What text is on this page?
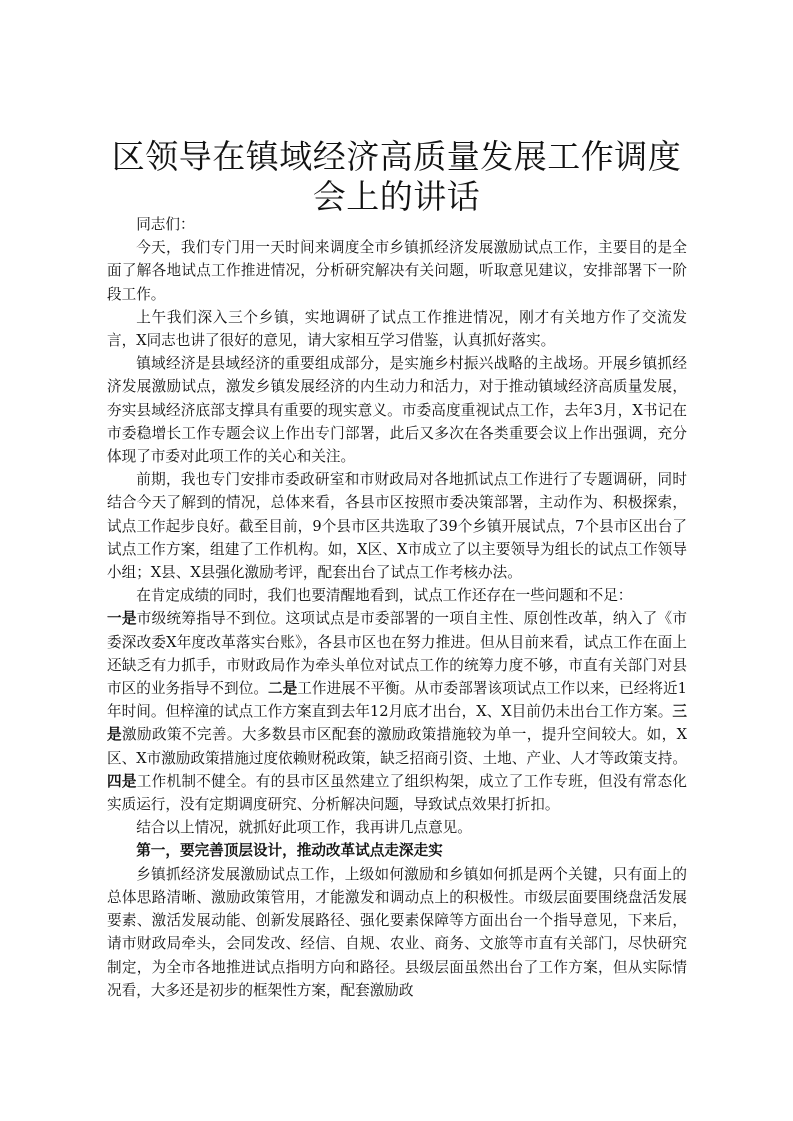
区领导在镇域经济高质量发展工作调度会上的讲话

同志们：

今天，我们专门用一天时间来调度全市乡镇抓经济发展激励试点工作，主要目的是全面了解各地试点工作推进情况，分析研究解决有关问题，听取意见建议，安排部署下一阶段工作。

上午我们深入三个乡镇，实地调研了试点工作推进情况，刚才有关地方作了交流发言，X同志也讲了很好的意见，请大家相互学习借鉴，认真抓好落实。

镇域经济是县域经济的重要组成部分，是实施乡村振兴战略的主战场。开展乡镇抓经济发展激励试点，激发乡镇发展经济的内生动力和活力，对于推动镇域经济高质量发展，夯实县域经济底部支撑具有重要的现实意义。市委高度重视试点工作，去年3月，X书记在市委稳增长工作专题会议上作出专门部署，此后又多次在各类重要会议上作出强调，充分体现了市委对此项工作的关心和关注。

前期，我也专门安排市委政研室和市财政局对各地抓试点工作进行了专题调研，同时结合今天了解到的情况，总体来看，各县市区按照市委决策部署，主动作为、积极探索，试点工作起步良好。截至目前，9个县市区共选取了39个乡镇开展试点，7个县市区出台了试点工作方案，组建了工作机构。如，X区、X市成立了以主要领导为组长的试点工作领导小组；X县、X县强化激励考评，配套出台了试点工作考核办法。

在肯定成绩的同时，我们也要清醒地看到，试点工作还存在一些问题和不足：

一是市级统筹指导不到位。这项试点是市委部署的一项自主性、原创性改革，纳入了《市委深改委X年度改革落实台账》，各县市区也在努力推进。但从目前来看，试点工作在面上还缺乏有力抓手，市财政局作为牵头单位对试点工作的统筹力度不够，市直有关部门对县市区的业务指导不到位。二是工作进展不平衡。从市委部署该项试点工作以来，已经将近1年时间。但梓潼的试点工作方案直到去年12月底才出台，X、X目前仍未出台工作方案。三是激励政策不完善。大多数县市区配套的激励政策措施较为单一，提升空间较大。如，X区、X市激励政策措施过度依赖财税政策，缺乏招商引资、土地、产业、人才等政策支持。四是工作机制不健全。有的县市区虽然建立了组织构架，成立了工作专班，但没有常态化实质运行，没有定期调度研究、分析解决问题，导致试点效果打折扣。

结合以上情况，就抓好此项工作，我再讲几点意见。

第一，要完善顶层设计，推动改革试点走深走实

乡镇抓经济发展激励试点工作，上级如何激励和乡镇如何抓是两个关键，只有面上的总体思路清晰、激励政策管用，才能激发和调动点上的积极性。市级层面要围绕盘活发展要素、激活发展动能、创新发展路径、强化要素保障等方面出台一个指导意见，下来后，请市财政局牵头，会同发改、经信、自规、农业、商务、文旅等市直有关部门，尽快研究制定，为全市各地推进试点指明方向和路径。县级层面虽然出台了工作方案，但从实际情况看，大多还是初步的框架性方案，配套激励政
